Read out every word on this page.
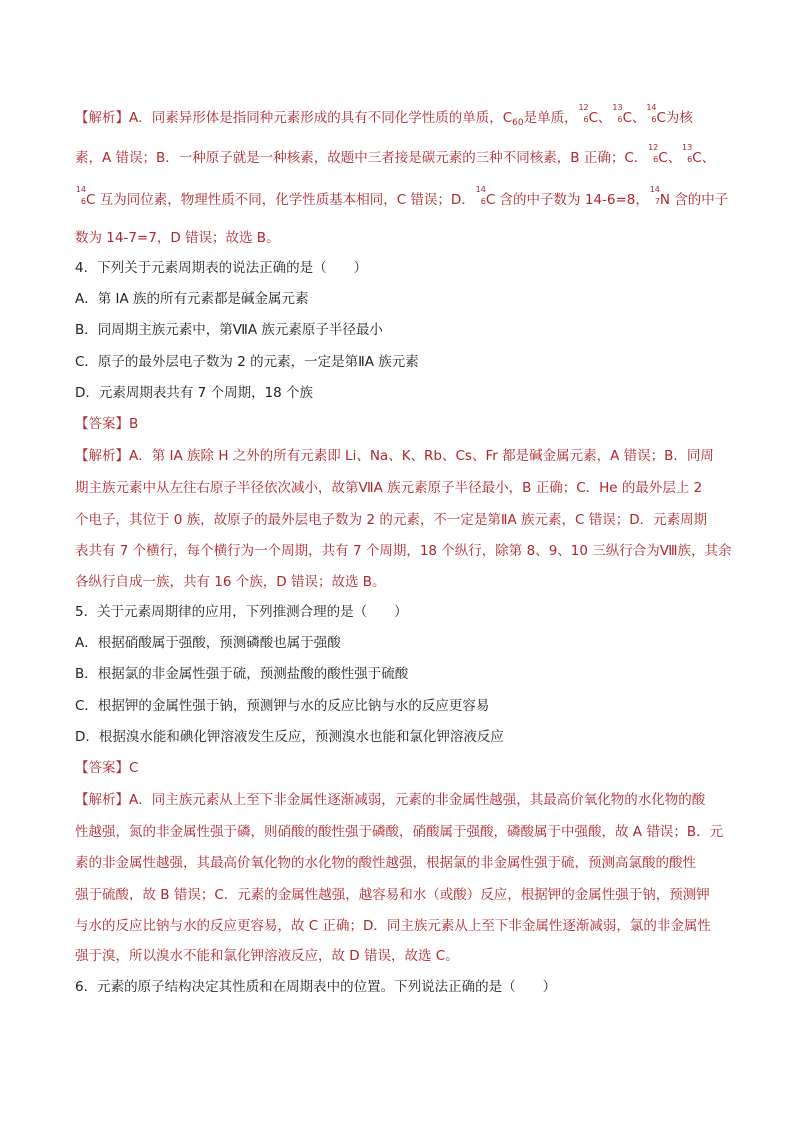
【解析】A．同素异形体是指同种元素形成的具有不同化学性质的单质，$C_{60}$是单质，
12
6 C、
13
6 C、
14
6 C为核
素，A 错误；B．一种原子就是一种核素，故题中三者接是碳元素的三种不同核素，B 正确；C．
12
6 C、
13
6 C、
14
6 C 互为同位素，物理性质不同，化学性质基本相同，C 错误；D．
14
6 C 含的中子数为 14-6=8，
14
7 N 含的中子
数为 14-7=7，D 错误；故选 B。
4．下列关于元素周期表的说法正确的是（　　）
A．第 IA 族的所有元素都是碱金属元素
B．同周期主族元素中，第ⅦA 族元素原子半径最小
C．原子的最外层电子数为 2 的元素，一定是第ⅡA 族元素
D．元素周期表共有 7 个周期，18 个族
【答案】B
【解析】A．第 IA 族除 H 之外的所有元素即 Li、Na、K、Rb、Cs、Fr 都是碱金属元素，A 错误；B．同周
期主族元素中从左往右原子半径依次减小，故第ⅦA 族元素原子半径最小，B 正确；C．He 的最外层上 2
个电子，其位于 0 族，故原子的最外层电子数为 2 的元素，不一定是第ⅡA 族元素，C 错误；D．元素周期
表共有 7 个横行，每个横行为一个周期，共有 7 个周期，18 个纵行，除第 8、9、10 三纵行合为Ⅷ族，其余
各纵行自成一族，共有 16 个族，D 错误；故选 B。
5．关于元素周期律的应用，下列推测合理的是（　　）
A．根据硝酸属于强酸，预测磷酸也属于强酸
B．根据氯的非金属性强于硫，预测盐酸的酸性强于硫酸
C．根据钾的金属性强于钠，预测钾与水的反应比钠与水的反应更容易
D．根据溴水能和碘化钾溶液发生反应，预测溴水也能和氯化钾溶液反应
【答案】C
【解析】A．同主族元素从上至下非金属性逐渐减弱，元素的非金属性越强，其最高价氧化物的水化物的酸
性越强，氮的非金属性强于磷，则硝酸的酸性强于磷酸，硝酸属于强酸，磷酸属于中强酸，故 A 错误；B．元
素的非金属性越强，其最高价氧化物的水化物的酸性越强，根据氯的非金属性强于硫，预测高氯酸的酸性
强于硫酸，故 B 错误；C．元素的金属性越强，越容易和水（或酸）反应，根据钾的金属性强于钠，预测钾
与水的反应比钠与水的反应更容易，故 C 正确；D．同主族元素从上至下非金属性逐渐减弱，氯的非金属性
强于溴，所以溴水不能和氯化钾溶液反应，故 D 错误，故选 C。
6．元素的原子结构决定其性质和在周期表中的位置。下列说法正确的是（　　）
